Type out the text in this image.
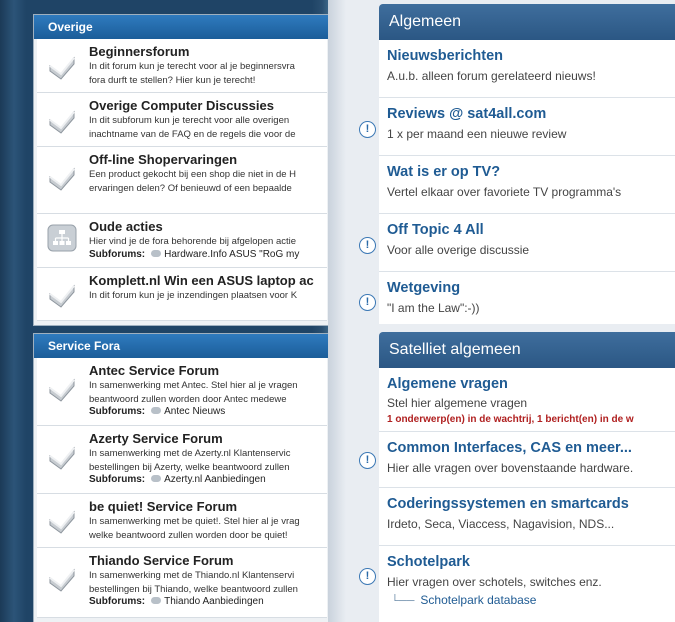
Overige
Beginnersforum
In dit forum kun je terecht voor al je beginnersvra
fora durft te stellen? Hier kun je terecht!
Overige Computer Discussies
In dit subforum kun je terecht voor alle overigen
inachtname van de FAQ en de regels die voor de
Off-line Shopervaringen
Een product gekocht bij een shop die niet in de H
ervaringen delen? Of benieuwd of een bepaalde
Oude acties
Hier vind je de fora behorende bij afgelopen actie
Subforums: Hardware.Info ASUS "RoG my
Komplett.nl Win een ASUS laptop ac
In dit forum kun je je inzendingen plaatsen voor K
Service Fora
Antec Service Forum
In samenwerking met Antec. Stel hier al je vragen
beantwoord zullen worden door Antec medewe
Subforums: Antec Nieuws
Azerty Service Forum
In samenwerking met de Azerty.nl Klantenservic
bestellingen bij Azerty, welke beantwoord zullen
Subforums: Azerty.nl Aanbiedingen
be quiet! Service Forum
In samenwerking met be quiet!. Stel hier al je vrag
welke beantwoord zullen worden door be quiet!
Thiando Service Forum
In samenwerking met de Thiando.nl Klantenservi
bestellingen bij Thiando, welke beantwoord zullen
Subforums: Thiando Aanbiedingen
Algemeen
Nieuwsberichten
A.u.b. alleen forum gerelateerd nieuws!
Reviews @ sat4all.com
1 x per maand een nieuwe review
!
Wat is er op TV?
Vertel elkaar over favoriete TV programma's
Off Topic 4 All
Voor alle overige discussie
!
Wetgeving
"I am the Law":-))
!
Satelliet algemeen
Algemene vragen
Stel hier algemene vragen
1 onderwerp(en) in de wachtrij, 1 bericht(en) in de w
Common Interfaces, CAS en meer...
Hier alle vragen over bovenstaande hardware.
!
Coderingssystemen en smartcards
Irdeto, Seca, Viaccess, Nagavision, NDS...
Schotelpark
Hier vragen over schotels, switches enz.
└── Schotelpark database
!
